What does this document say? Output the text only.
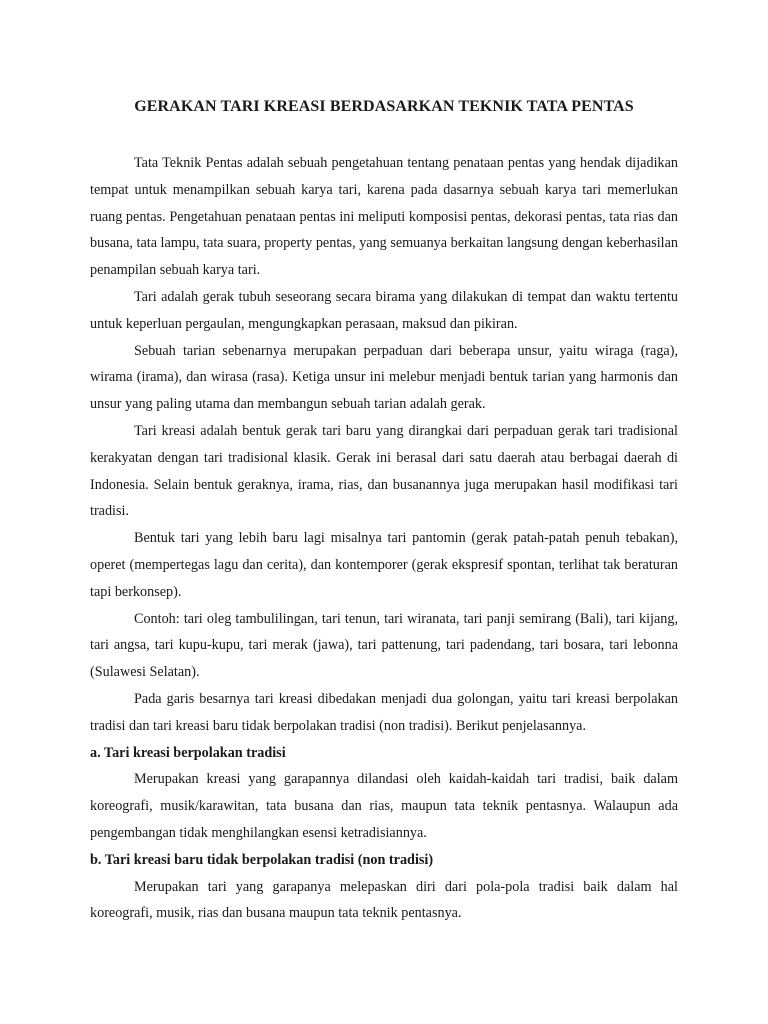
GERAKAN TARI KREASI BERDASARKAN TEKNIK TATA PENTAS

Tata Teknik Pentas adalah sebuah pengetahuan tentang penataan pentas yang hendak dijadikan tempat untuk menampilkan sebuah karya tari, karena pada dasarnya sebuah karya tari memerlukan ruang pentas. Pengetahuan penataan pentas ini meliputi komposisi pentas, dekorasi pentas, tata rias dan busana, tata lampu, tata suara, property pentas, yang semuanya berkaitan langsung dengan keberhasilan penampilan sebuah karya tari.

Tari adalah gerak tubuh seseorang secara birama yang dilakukan di tempat dan waktu tertentu untuk keperluan pergaulan, mengungkapkan perasaan, maksud dan pikiran.

Sebuah tarian sebenarnya merupakan perpaduan dari beberapa unsur, yaitu wiraga (raga), wirama (irama), dan wirasa (rasa). Ketiga unsur ini melebur menjadi bentuk tarian yang harmonis dan unsur yang paling utama dan membangun sebuah tarian adalah gerak.

Tari kreasi adalah bentuk gerak tari baru yang dirangkai dari perpaduan gerak tari tradisional kerakyatan dengan tari tradisional klasik. Gerak ini berasal dari satu daerah atau berbagai daerah di Indonesia. Selain bentuk geraknya, irama, rias, dan busanannya juga merupakan hasil modifikasi tari tradisi.

Bentuk tari yang lebih baru lagi misalnya tari pantomin (gerak patah-patah penuh tebakan), operet (mempertegas lagu dan cerita), dan kontemporer (gerak ekspresif spontan, terlihat tak beraturan tapi berkonsep).

Contoh: tari oleg tambulilingan, tari tenun, tari wiranata, tari panji semirang (Bali), tari kijang, tari angsa, tari kupu-kupu, tari merak (jawa), tari pattenung, tari padendang, tari bosara, tari lebonna (Sulawesi Selatan).

Pada garis besarnya tari kreasi dibedakan menjadi dua golongan, yaitu tari kreasi berpolakan tradisi dan tari kreasi baru tidak berpolakan tradisi (non tradisi). Berikut penjelasannya.

a. Tari kreasi berpolakan tradisi

Merupakan kreasi yang garapannya dilandasi oleh kaidah-kaidah tari tradisi, baik dalam koreografi, musik/karawitan, tata busana dan rias, maupun tata teknik pentasnya. Walaupun ada pengembangan tidak menghilangkan esensi ketradisiannya.

b. Tari kreasi baru tidak berpolakan tradisi (non tradisi)

Merupakan tari yang garapanya melepaskan diri dari pola-pola tradisi baik dalam hal koreografi, musik, rias dan busana maupun tata teknik pentasnya.
